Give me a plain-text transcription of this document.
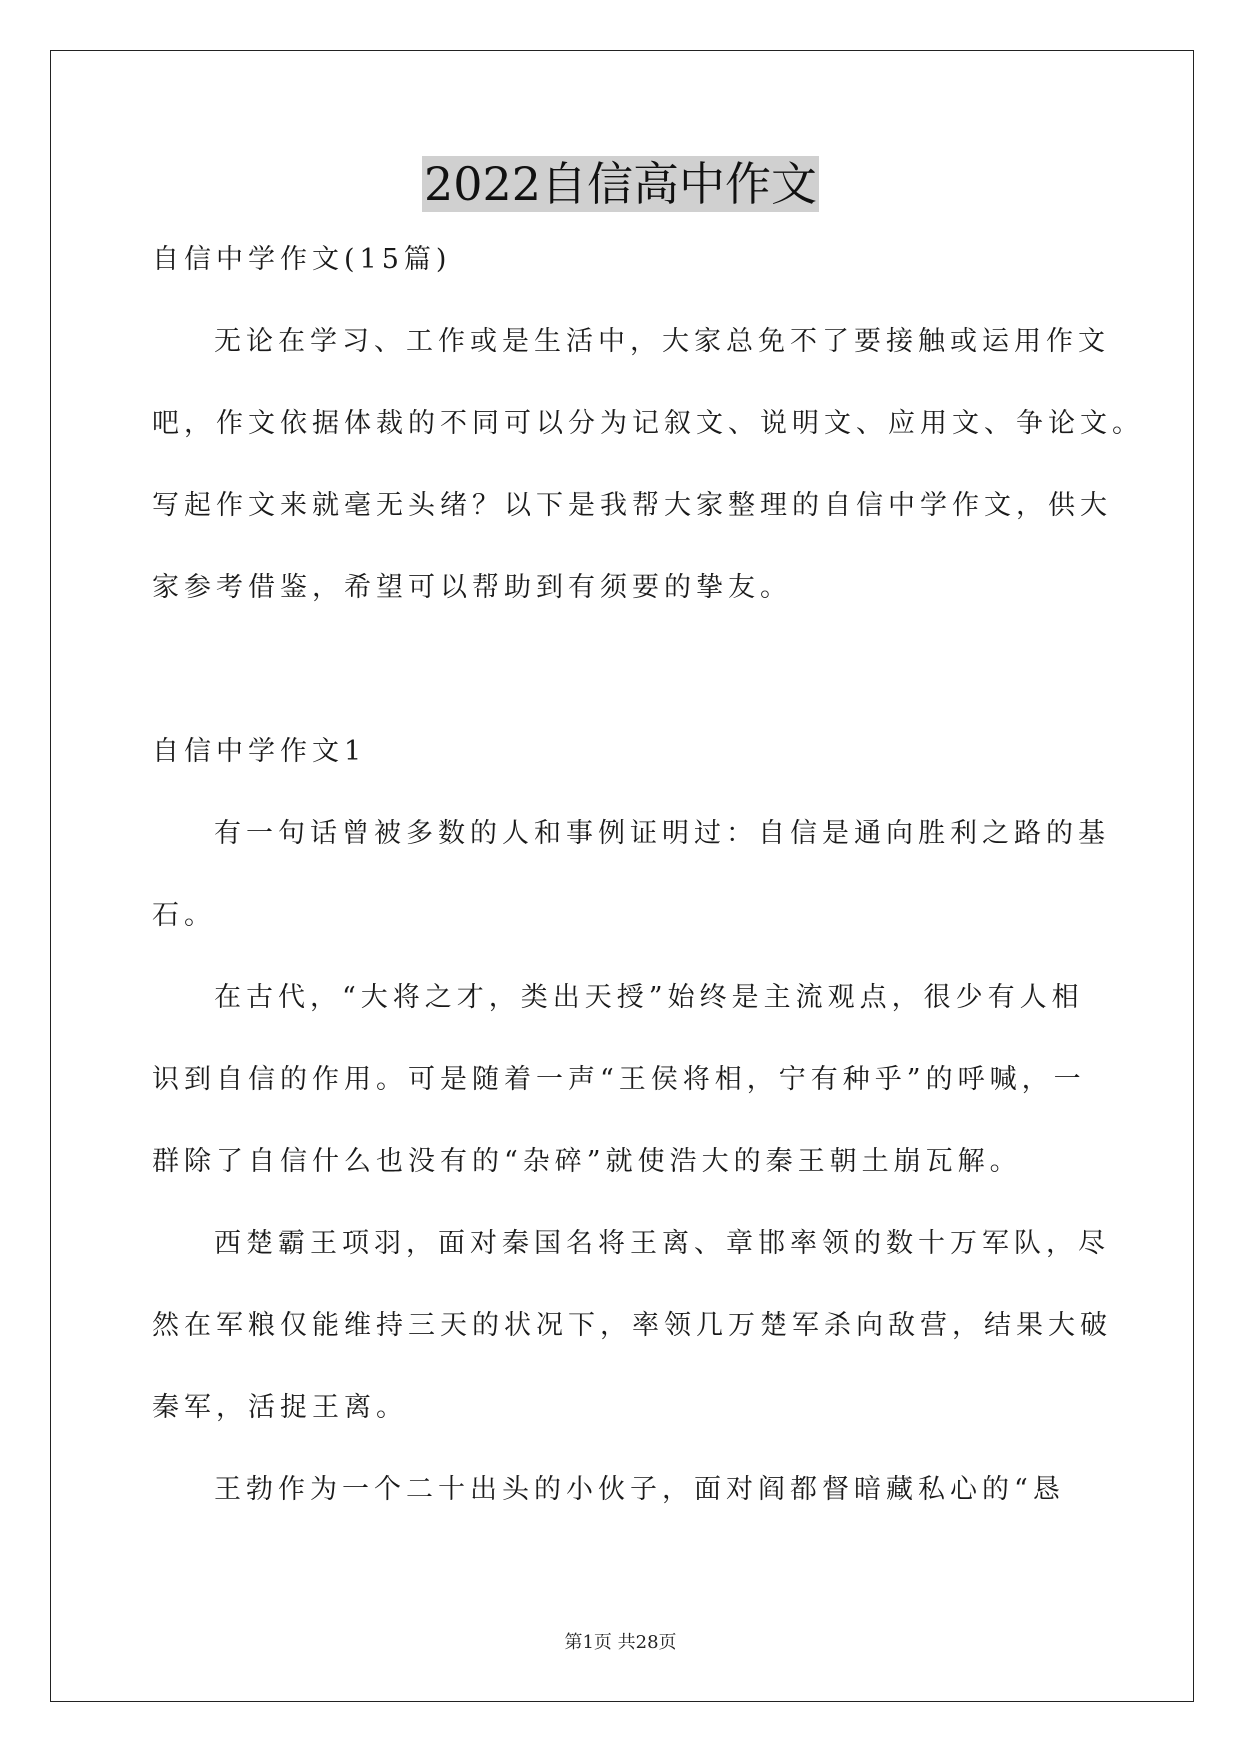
2022自信高中作文
自信中学作文(15篇)
无论在学习、工作或是生活中，大家总免不了要接触或运用作文
吧，作文依据体裁的不同可以分为记叙文、说明文、应用文、争论文。
写起作文来就毫无头绪？以下是我帮大家整理的自信中学作文，供大
家参考借鉴，希望可以帮助到有须要的挚友。
自信中学作文1
有一句话曾被多数的人和事例证明过：自信是通向胜利之路的基
石。
在古代，“大将之才，类出天授”始终是主流观点，很少有人相
识到自信的作用。可是随着一声“王侯将相，宁有种乎”的呼喊，一
群除了自信什么也没有的“杂碎”就使浩大的秦王朝土崩瓦解。
西楚霸王项羽，面对秦国名将王离、章邯率领的数十万军队，尽
然在军粮仅能维持三天的状况下，率领几万楚军杀向敌营，结果大破
秦军，活捉王离。
王勃作为一个二十出头的小伙子，面对阎都督暗藏私心的“恳
第1页 共28页
